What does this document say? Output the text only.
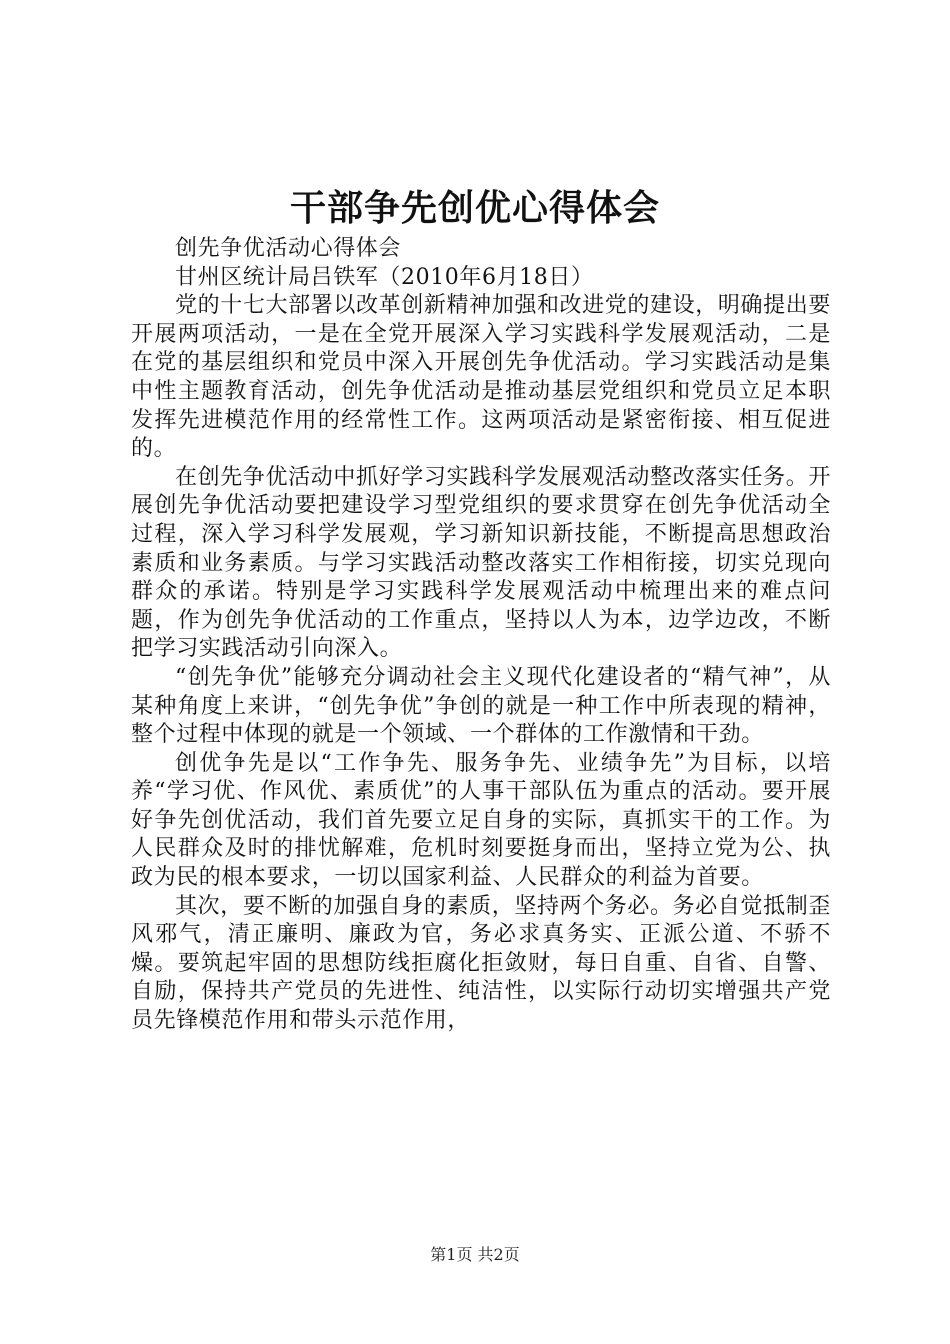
干部争先创优心得体会

创先争优活动心得体会

甘州区统计局吕铁军（2010年6月18日）

党的十七大部署以改革创新精神加强和改进党的建设，明确提出要开展两项活动，一是在全党开展深入学习实践科学发展观活动，二是在党的基层组织和党员中深入开展创先争优活动。学习实践活动是集中性主题教育活动，创先争优活动是推动基层党组织和党员立足本职发挥先进模范作用的经常性工作。这两项活动是紧密衔接、相互促进的。

在创先争优活动中抓好学习实践科学发展观活动整改落实任务。开展创先争优活动要把建设学习型党组织的要求贯穿在创先争优活动全过程，深入学习科学发展观，学习新知识新技能，不断提高思想政治素质和业务素质。与学习实践活动整改落实工作相衔接，切实兑现向群众的承诺。特别是学习实践科学发展观活动中梳理出来的难点问题，作为创先争优活动的工作重点，坚持以人为本，边学边改，不断把学习实践活动引向深入。

“创先争优”能够充分调动社会主义现代化建设者的“精气神”，从某种角度上来讲，“创先争优”争创的就是一种工作中所表现的精神，整个过程中体现的就是一个领域、一个群体的工作激情和干劲。

创优争先是以“工作争先、服务争先、业绩争先”为目标，以培养“学习优、作风优、素质优”的人事干部队伍为重点的活动。要开展好争先创优活动，我们首先要立足自身的实际，真抓实干的工作。为人民群众及时的排忧解难，危机时刻要挺身而出，坚持立党为公、执政为民的根本要求，一切以国家利益、人民群众的利益为首要。

其次，要不断的加强自身的素质，坚持两个务必。务必自觉抵制歪风邪气，清正廉明、廉政为官，务必求真务实、正派公道、不骄不燥。要筑起牢固的思想防线拒腐化拒敛财，每日自重、自省、自警、自励，保持共产党员的先进性、纯洁性，以实际行动切实增强共产党员先锋模范作用和带头示范作用，

第1页 共2页
